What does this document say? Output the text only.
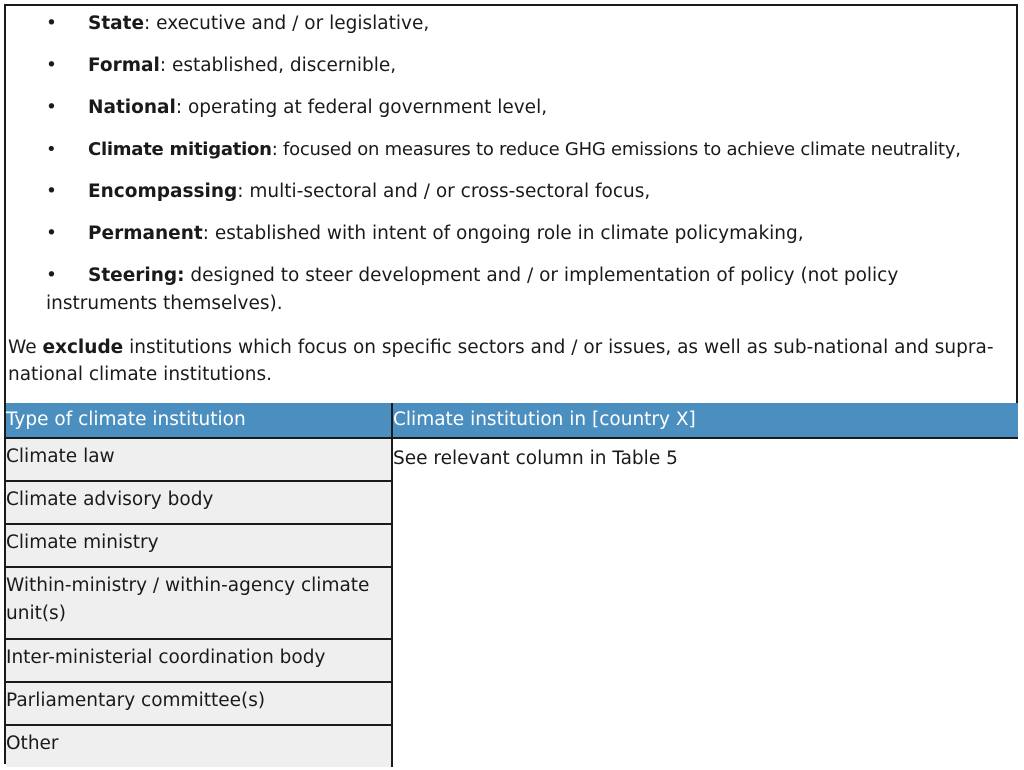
• State: executive and / or legislative,
• Formal: established, discernible,
• National: operating at federal government level,
• Climate mitigation: focused on measures to reduce GHG emissions to achieve climate neutrality,
• Encompassing: multi-sectoral and / or cross-sectoral focus,
• Permanent: established with intent of ongoing role in climate policymaking,
• Steering: designed to steer development and / or implementation of policy (not policy instruments themselves).
We exclude institutions which focus on specific sectors and / or issues, as well as sub-national and supra-national climate institutions.
Type of climate institution	Climate institution in [country X]

Climate law	See relevant column in Table 5

Climate advisory body	

Climate ministry	

Within-ministry / within-agency climate unit(s)	

Inter-ministerial coordination body	

Parliamentary committee(s)	

Other	
